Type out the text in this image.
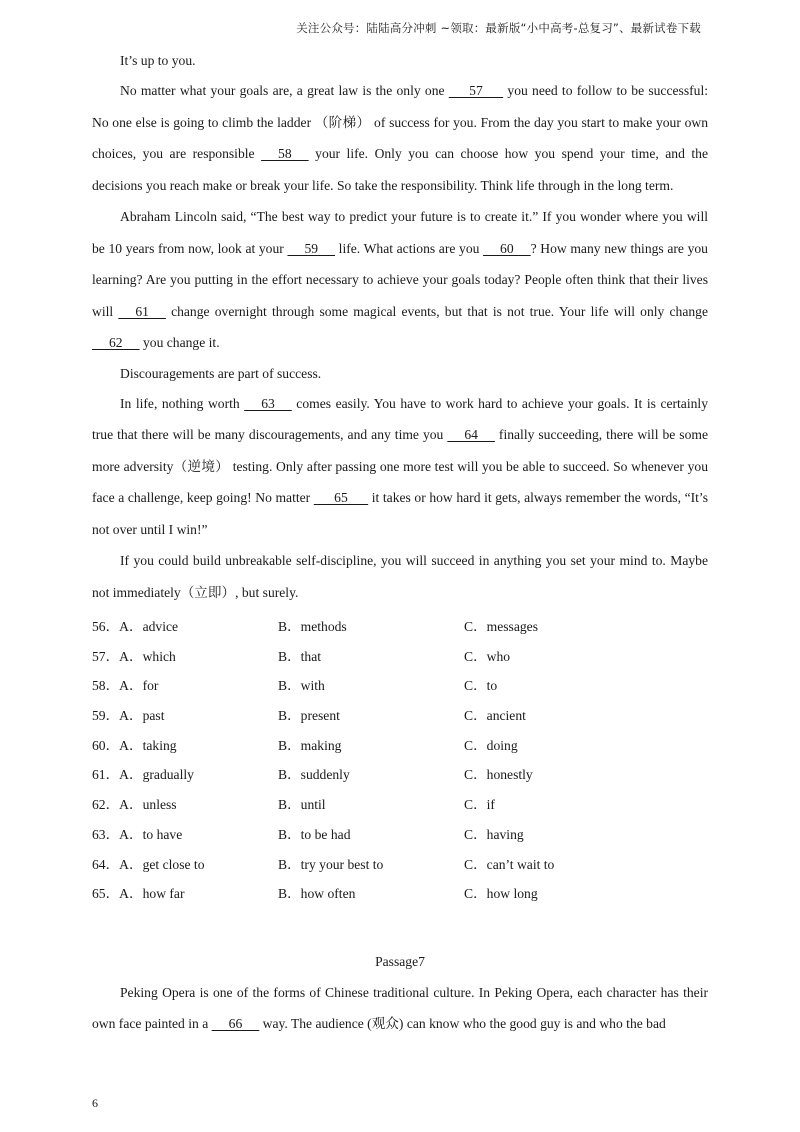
关注公众号：陆陆高分冲刺 ~领取：最新版“小中高考-总复习”、最新试卷下载

It’s up to you.

No matter what your goals are, a great law is the only one       57       you need to follow to be successful: No one else is going to climb the ladder （阶梯） of success for you. From the day you start to make your own choices, you are responsible      58      your life. Only you can choose how you spend your time, and the decisions you reach make or break your life. So take the responsibility. Think life through in the long term.

Abraham Lincoln said, “The best way to predict your future is to create it.” If you wonder where you will be 10 years from now, look at your      59      life. What actions are you      60     ? How many new things are you learning? Are you putting in the effort necessary to achieve your goals today? People often think that their lives will      61      change overnight through some magical events, but that is not true. Your life will only change      62      you change it.

Discouragements are part of success.

In life, nothing worth      63      comes easily. You have to work hard to achieve your goals. It is certainly true that there will be many discouragements, and any time you      64      finally succeeding, there will be some more adversity（逆境） testing. Only after passing one more test will you be able to succeed. So whenever you face a challenge, keep going! No matter       65       it takes or how hard it gets, always remember the words, “It’s not over until I win!”

If you could build unbreakable self-discipline, you will succeed in anything you set your mind to. Maybe not immediately（立即）, but surely.

56．A．advice	B．methods	C．messages
57．A．which	B．that	C．who
58．A．for	B．with	C．to
59．A．past	B．present	C．ancient
60．A．taking	B．making	C．doing
61．A．gradually	B．suddenly	C．honestly
62．A．unless	B．until	C．if
63．A．to have	B．to be had	C．having
64．A．get close to	B．try your best to	C．can’t wait to
65．A．how far	B．how often	C．how long
Passage7

Peking Opera is one of the forms of Chinese traditional culture. In Peking Opera, each character has their own face painted in a      66      way. The audience (观众) can know who the good guy is and who the bad

6
